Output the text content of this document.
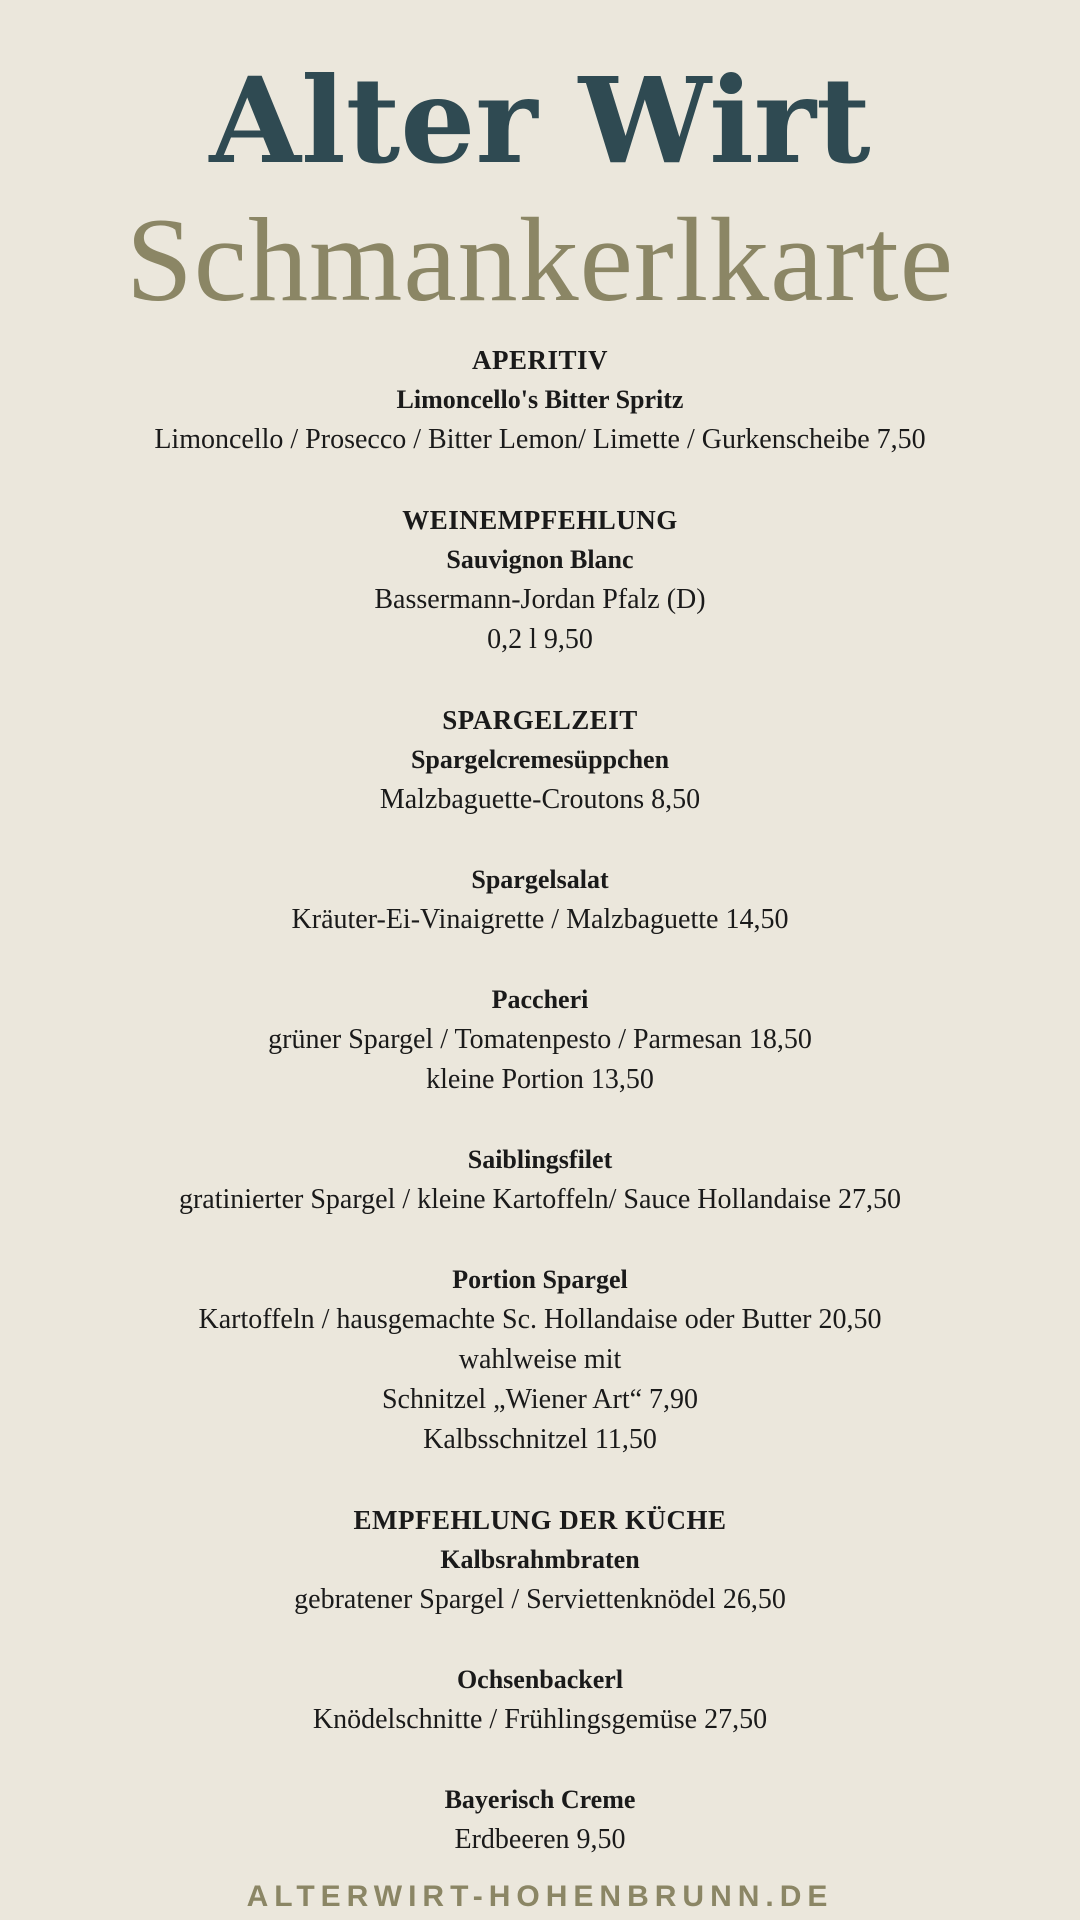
Alter Wirt
Schmankerlkarte
APERITIV
Limoncello's Bitter Spritz
Limoncello / Prosecco / Bitter Lemon/ Limette / Gurkenscheibe 7,50
WEINEMPFEHLUNG
Sauvignon Blanc
Bassermann-Jordan Pfalz (D)
0,2 l 9,50
SPARGELZEIT
Spargelcremesüppchen
Malzbaguette-Croutons 8,50
Spargelsalat
Kräuter-Ei-Vinaigrette / Malzbaguette 14,50
Paccheri
grüner Spargel / Tomatenpesto / Parmesan 18,50
kleine Portion 13,50
Saiblingsfilet
gratinierter Spargel / kleine Kartoffeln/ Sauce Hollandaise 27,50
Portion Spargel
Kartoffeln / hausgemachte Sc. Hollandaise oder Butter 20,50
wahlweise mit
Schnitzel „Wiener Art“ 7,90
Kalbsschnitzel 11,50
EMPFEHLUNG DER KÜCHE
Kalbsrahmbraten
gebratener Spargel / Serviettenknödel 26,50
Ochsenbackerl
Knödelschnitte / Frühlingsgemüse 27,50
Bayerisch Creme
Erdbeeren 9,50
ALTERWIRT-HOHENBRUNN.DE
